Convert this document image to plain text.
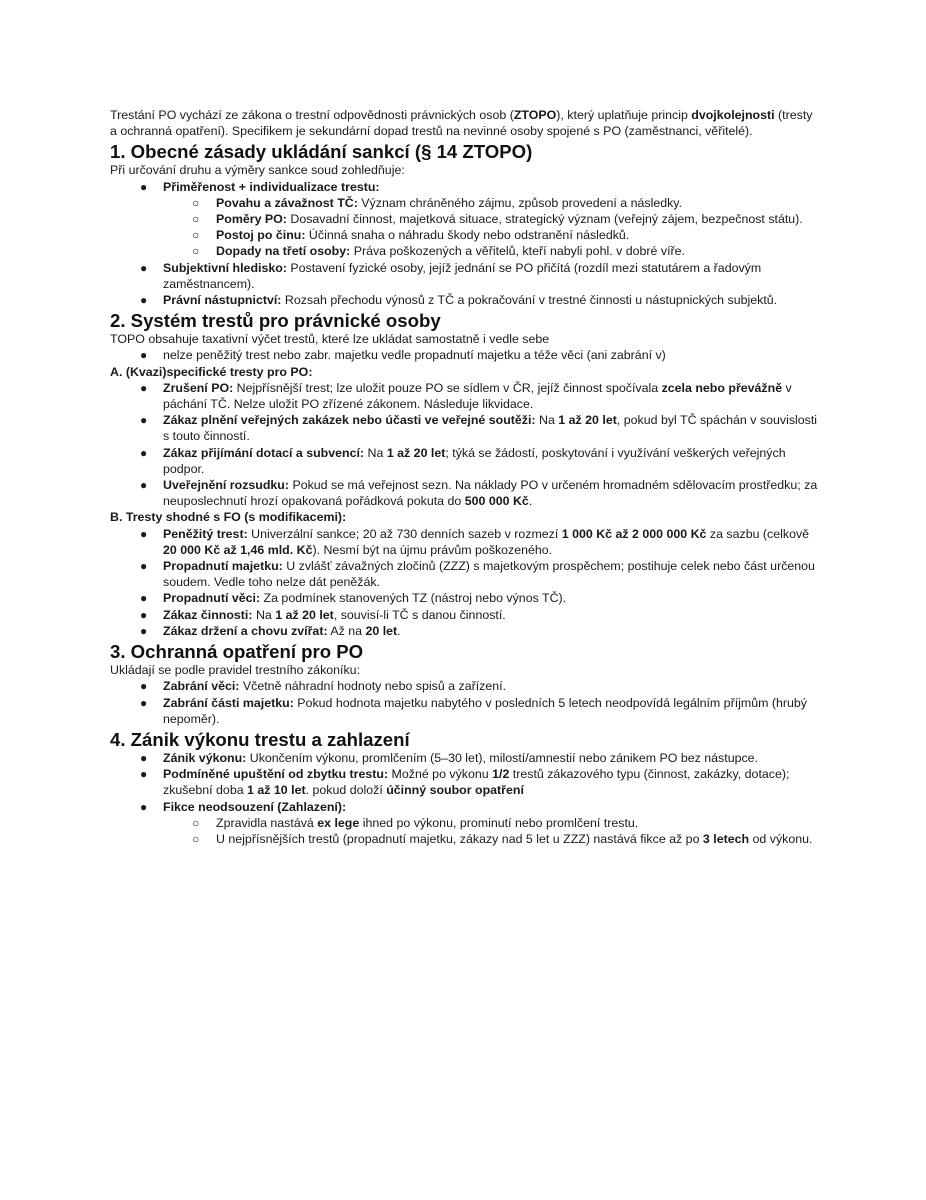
Trestání PO vychází ze zákona o trestní odpovědnosti právnických osob (ZTOPO), který uplatňuje princip dvojkolejnosti (tresty a ochranná opatření). Specifikem je sekundární dopad trestů na nevinné osoby spojené s PO (zaměstnanci, věřitelé).

1. Obecné zásady ukládání sankcí (§ 14 ZTOPO)

Při určování druhu a výměry sankce soud zohledňuje:

● Přiměřenost + individualizace trestu:
○ Povahu a závažnost TČ: Význam chráněného zájmu, způsob provedení a následky.
○ Poměry PO: Dosavadní činnost, majetková situace, strategický význam (veřejný zájem, bezpečnost státu).
○ Postoj po činu: Účinná snaha o náhradu škody nebo odstranění následků.
○ Dopady na třetí osoby: Práva poškozených a věřitelů, kteří nabyli pohl. v dobré víře.
● Subjektivní hledisko: Postavení fyzické osoby, jejíž jednání se PO přičítá (rozdíl mezi statutárem a řadovým zaměstnancem).
● Právní nástupnictví: Rozsah přechodu výnosů z TČ a pokračování v trestné činnosti u nástupnických subjektů.
2. Systém trestů pro právnické osoby

TOPO obsahuje taxativní výčet trestů, které lze ukládat samostatně i vedle sebe

● nelze peněžitý trest nebo zabr. majetku vedle propadnutí majetku a téže věci (ani zabrání v)

A. (Kvazi)specifické tresty pro PO:

● Zrušení PO: Nejpřísnější trest; lze uložit pouze PO se sídlem v ČR, jejíž činnost spočívala zcela nebo převážně v páchání TČ. Nelze uložit PO zřízené zákonem. Následuje likvidace.
● Zákaz plnění veřejných zakázek nebo účasti ve veřejné soutěži: Na 1 až 20 let, pokud byl TČ spáchán v souvislosti s touto činností.
● Zákaz přijímání dotací a subvencí: Na 1 až 20 let; týká se žádostí, poskytování i využívání veškerých veřejných podpor.
● Uveřejnění rozsudku: Pokud se má veřejnost sezn. Na náklady PO v určeném hromadném sdělovacím prostředku; za neuposlechnutí hrozí opakovaná pořádková pokuta do 500 000 Kč.

B. Tresty shodné s FO (s modifikacemi):

● Peněžitý trest: Univerzální sankce; 20 až 730 denních sazeb v rozmezí 1 000 Kč až 2 000 000 Kč za sazbu (celkově 20 000 Kč až 1,46 mld. Kč). Nesmí být na újmu právům poškozeného.
● Propadnutí majetku: U zvlášť závažných zločinů (ZZZ) s majetkovým prospěchem; postihuje celek nebo část určenou soudem. Vedle toho nelze dát peněžák.
● Propadnutí věci: Za podmínek stanovených TZ (nástroj nebo výnos TČ).
● Zákaz činnosti: Na 1 až 20 let, souvisí-li TČ s danou činností.
● Zákaz držení a chovu zvířat: Až na 20 let.
3. Ochranná opatření pro PO

Ukládají se podle pravidel trestního zákoníku:

● Zabrání věci: Včetně náhradní hodnoty nebo spisů a zařízení.
● Zabrání části majetku: Pokud hodnota majetku nabytého v posledních 5 letech neodpovídá legálním příjmům (hrubý nepoměr).
4. Zánik výkonu trestu a zahlazení
● Zánik výkonu: Ukončením výkonu, promlčením (5–30 let), milostí/amnestií nebo zánikem PO bez nástupce.
● Podmíněné upuštění od zbytku trestu: Možné po výkonu 1/2 trestů zákazového typu (činnost, zakázky, dotace); zkušební doba 1 až 10 let. pokud doloží účinný soubor opatření
● Fikce neodsouzení (Zahlazení):
○ Zpravidla nastává ex lege ihned po výkonu, prominutí nebo promlčení trestu.
○ U nejpřísnějších trestů (propadnutí majetku, zákazy nad 5 let u ZZZ) nastává fikce až po 3 letech od výkonu.
